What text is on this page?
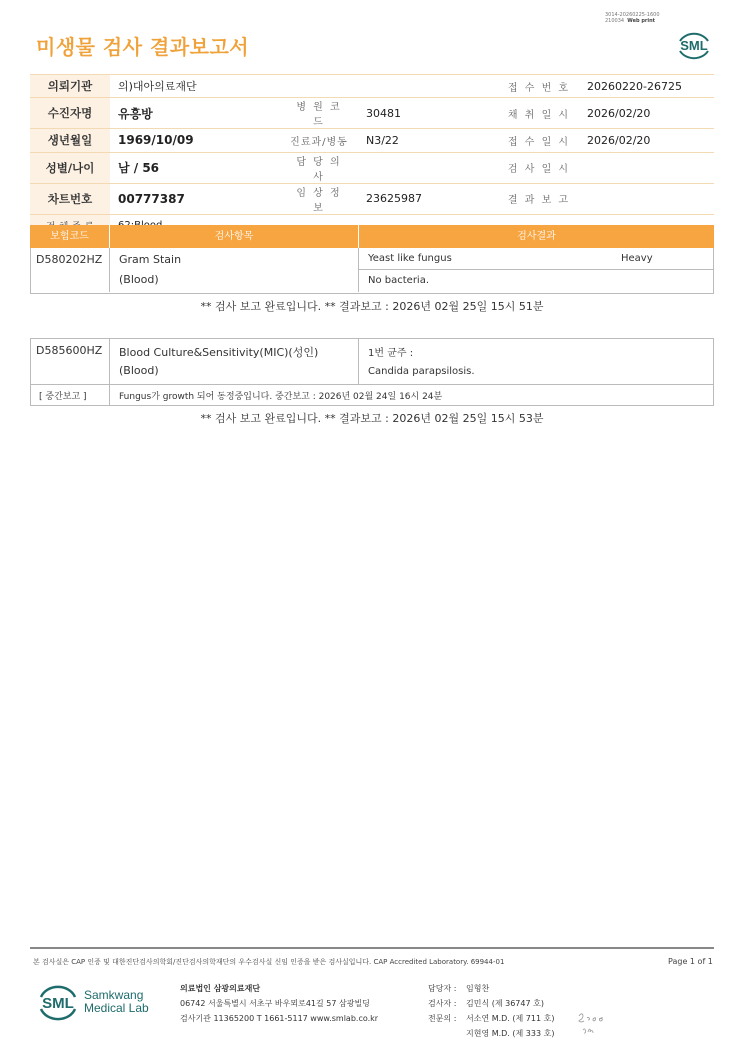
3014-20260225-1600
210034 Web print
미생물 검사 결과보고서	SML
의뢰기관	의)대아의료재단			접 수 번 호	20260220-26725
수진자명	유흥방	병 원 코 드	30481	채 취 일 시	2026/02/20
생년월일	1969/10/09	진료과/병동	N3/22	접 수 일 시	2026/02/20
성별/나이	남 / 56	담 당 의 사		검 사 일 시	
차트번호	00777387	임 상 정 보	23625987	결 과 보 고	

보험코드	검사항목	검사결과
D580202HZ Gram Stain
(Blood)
Yeast like fungus	Heavy
No bacteria.
** 검사 보고 완료입니다. ** 결과보고 : 2026년 02월 25일 15시 51분
D585600HZ Blood Culture&Sensitivity(MIC)(성인)
(Blood)
1번 균주 :
Candida parapsilosis.
[ 중간보고 ]	Fungus가 growth 되어 동정중입니다. 중간보고 : 2026년 02월 24일 16시 24분
** 검사 보고 완료입니다. ** 결과보고 : 2026년 02월 25일 15시 53분
본 검사실은 CAP 인증 및 대한진단검사의학회/진단검사의학재단의 우수검사실 신임 인증을 받은 검사실입니다. CAP Accredited Laboratory. 69944-01	Page 1 of 1
SML Samkwang
Medical Lab
의료법인 삼광의료재단
06742 서울특별시 서초구 바우뫼로41길 57 삼광빌딩
검사기관 11365200 T 1661-5117 www.smlab.co.kr
담당자 :	임형찬
검사자 :	김민식 (제 36747 호)
전문의 :	서소연 M.D. (제 711 호)
지현영 M.D. (제 333 호)
